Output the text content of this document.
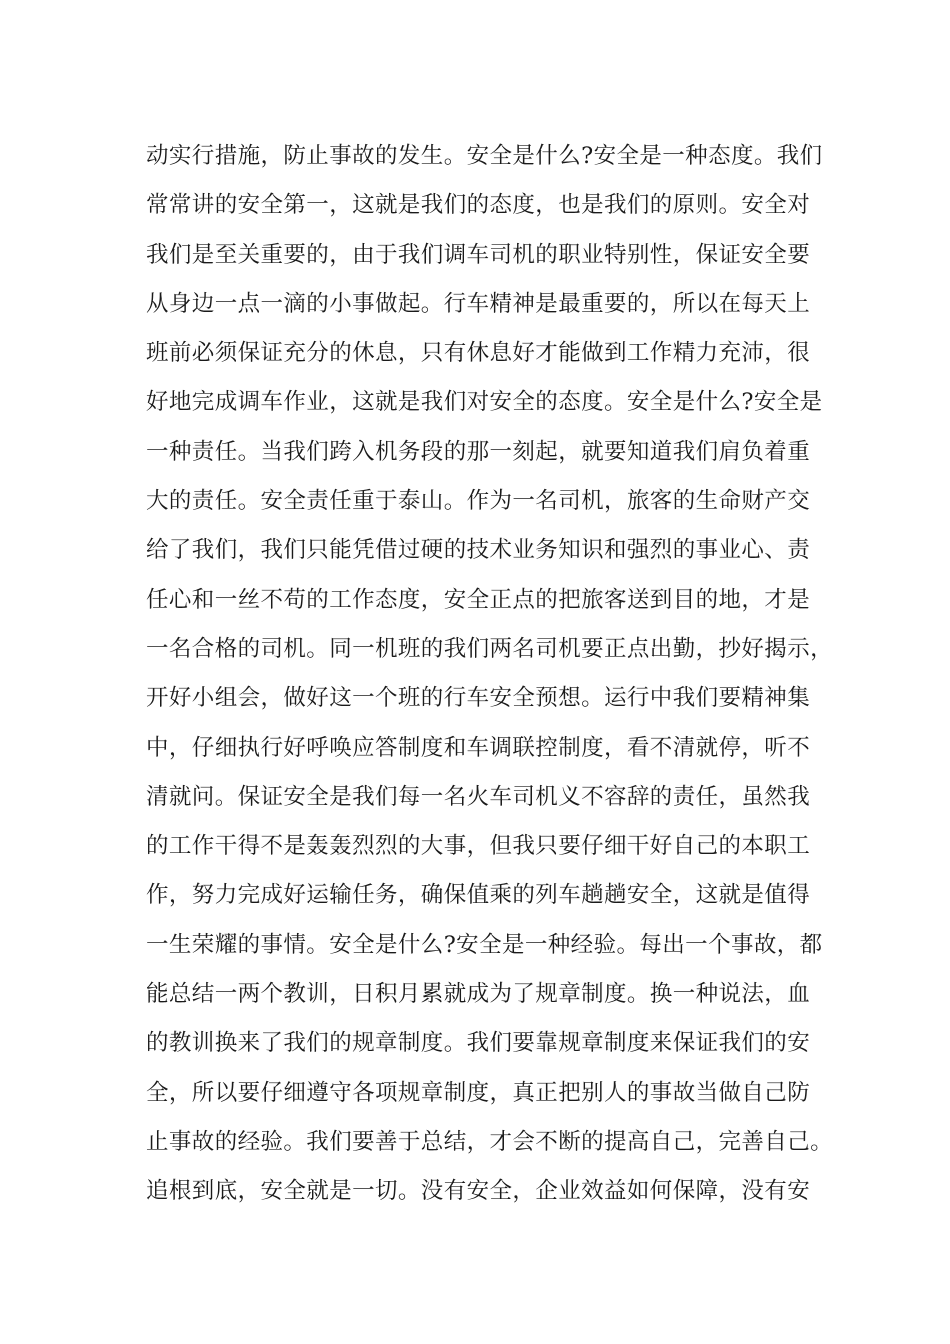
动实行措施，防止事故的发生。安全是什么?安全是一种态度。我们
常常讲的安全第一，这就是我们的态度，也是我们的原则。安全对
我们是至关重要的，由于我们调车司机的职业特别性，保证安全要
从身边一点一滴的小事做起。行车精神是最重要的，所以在每天上
班前必须保证充分的休息，只有休息好才能做到工作精力充沛，很
好地完成调车作业，这就是我们对安全的态度。安全是什么?安全是
一种责任。当我们跨入机务段的那一刻起，就要知道我们肩负着重
大的责任。安全责任重于泰山。作为一名司机，旅客的生命财产交
给了我们，我们只能凭借过硬的技术业务知识和强烈的事业心、责
任心和一丝不苟的工作态度，安全正点的把旅客送到目的地，才是
一名合格的司机。同一机班的我们两名司机要正点出勤，抄好揭示，
开好小组会，做好这一个班的行车安全预想。运行中我们要精神集
中，仔细执行好呼唤应答制度和车调联控制度，看不清就停，听不
清就问。保证安全是我们每一名火车司机义不容辞的责任，虽然我
的工作干得不是轰轰烈烈的大事，但我只要仔细干好自己的本职工
作，努力完成好运输任务，确保值乘的列车趟趟安全，这就是值得
一生荣耀的事情。安全是什么?安全是一种经验。每出一个事故，都
能总结一两个教训，日积月累就成为了规章制度。换一种说法，血
的教训换来了我们的规章制度。我们要靠规章制度来保证我们的安
全，所以要仔细遵守各项规章制度，真正把别人的事故当做自己防
止事故的经验。我们要善于总结，才会不断的提高自己，完善自己。
追根到底，安全就是一切。没有安全，企业效益如何保障，没有安
